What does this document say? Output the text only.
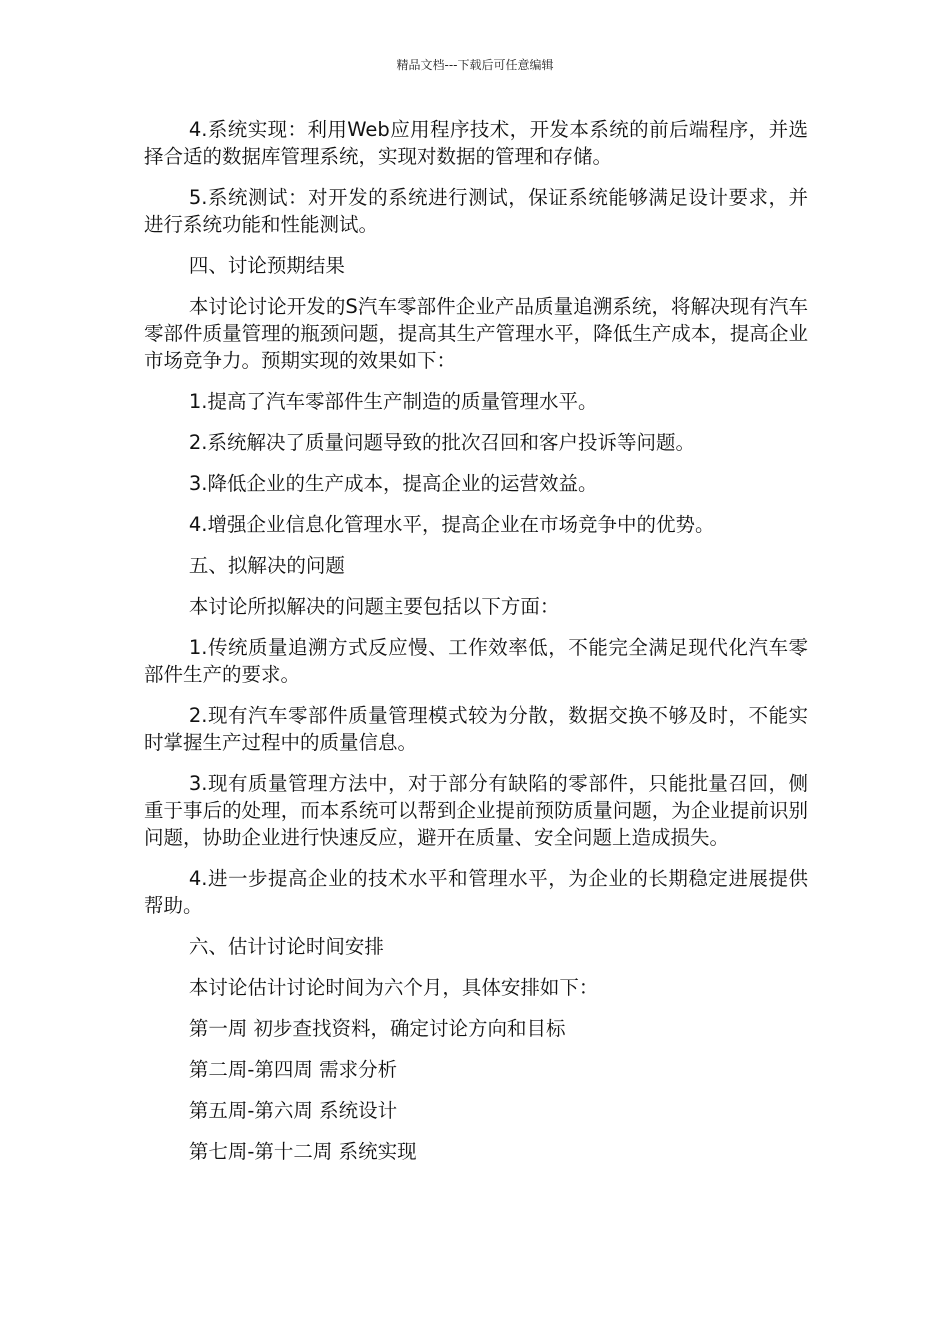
精品文档---下载后可任意编辑

4.系统实现：利用Web应用程序技术，开发本系统的前后端程序，并选择合适的数据库管理系统，实现对数据的管理和存储。

5.系统测试：对开发的系统进行测试，保证系统能够满足设计要求，并进行系统功能和性能测试。

四、讨论预期结果

本讨论讨论开发的S汽车零部件企业产品质量追溯系统，将解决现有汽车零部件质量管理的瓶颈问题，提高其生产管理水平，降低生产成本，提高企业市场竞争力。预期实现的效果如下：

1.提高了汽车零部件生产制造的质量管理水平。

2.系统解决了质量问题导致的批次召回和客户投诉等问题。

3.降低企业的生产成本，提高企业的运营效益。

4.增强企业信息化管理水平，提高企业在市场竞争中的优势。

五、拟解决的问题

本讨论所拟解决的问题主要包括以下方面：

1.传统质量追溯方式反应慢、工作效率低，不能完全满足现代化汽车零部件生产的要求。

2.现有汽车零部件质量管理模式较为分散，数据交换不够及时，不能实时掌握生产过程中的质量信息。

3.现有质量管理方法中，对于部分有缺陷的零部件，只能批量召回，侧重于事后的处理，而本系统可以帮到企业提前预防质量问题，为企业提前识别问题，协助企业进行快速反应，避开在质量、安全问题上造成损失。

4.进一步提高企业的技术水平和管理水平，为企业的长期稳定进展提供帮助。

六、估计讨论时间安排

本讨论估计讨论时间为六个月，具体安排如下：

第一周 初步查找资料，确定讨论方向和目标

第二周-第四周 需求分析

第五周-第六周 系统设计

第七周-第十二周 系统实现
